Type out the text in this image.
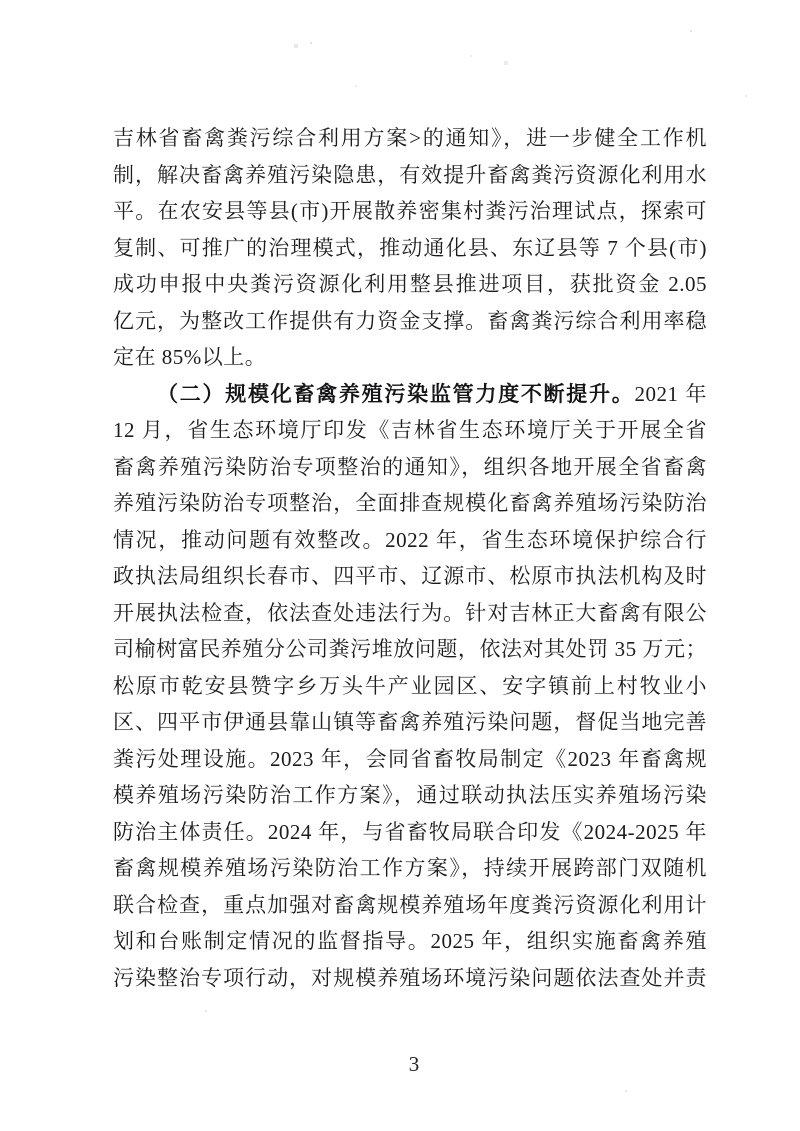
吉林省畜禽粪污综合利用方案>的通知》，进一步健全工作机
制，解决畜禽养殖污染隐患，有效提升畜禽粪污资源化利用水
平。在农安县等县(市)开展散养密集村粪污治理试点，探索可
复制、可推广的治理模式，推动通化县、东辽县等 7 个县(市)
成功申报中央粪污资源化利用整县推进项目，获批资金 2.05
亿元，为整改工作提供有力资金支撑。畜禽粪污综合利用率稳
定在 85%以上。
（二）规模化畜禽养殖污染监管力度不断提升。2021 年
12 月，省生态环境厅印发《吉林省生态环境厅关于开展全省
畜禽养殖污染防治专项整治的通知》，组织各地开展全省畜禽
养殖污染防治专项整治，全面排查规模化畜禽养殖场污染防治
情况，推动问题有效整改。2022 年，省生态环境保护综合行
政执法局组织长春市、四平市、辽源市、松原市执法机构及时
开展执法检查，依法查处违法行为。针对吉林正大畜禽有限公
司榆树富民养殖分公司粪污堆放问题，依法对其处罚 35 万元；
松原市乾安县赞字乡万头牛产业园区、安字镇前上村牧业小
区、四平市伊通县靠山镇等畜禽养殖污染问题，督促当地完善
粪污处理设施。2023 年，会同省畜牧局制定《2023 年畜禽规
模养殖场污染防治工作方案》，通过联动执法压实养殖场污染
防治主体责任。2024 年，与省畜牧局联合印发《2024-2025 年
畜禽规模养殖场污染防治工作方案》，持续开展跨部门双随机
联合检查，重点加强对畜禽规模养殖场年度粪污资源化利用计
划和台账制定情况的监督指导。2025 年，组织实施畜禽养殖
污染整治专项行动，对规模养殖场环境污染问题依法查处并责
3
